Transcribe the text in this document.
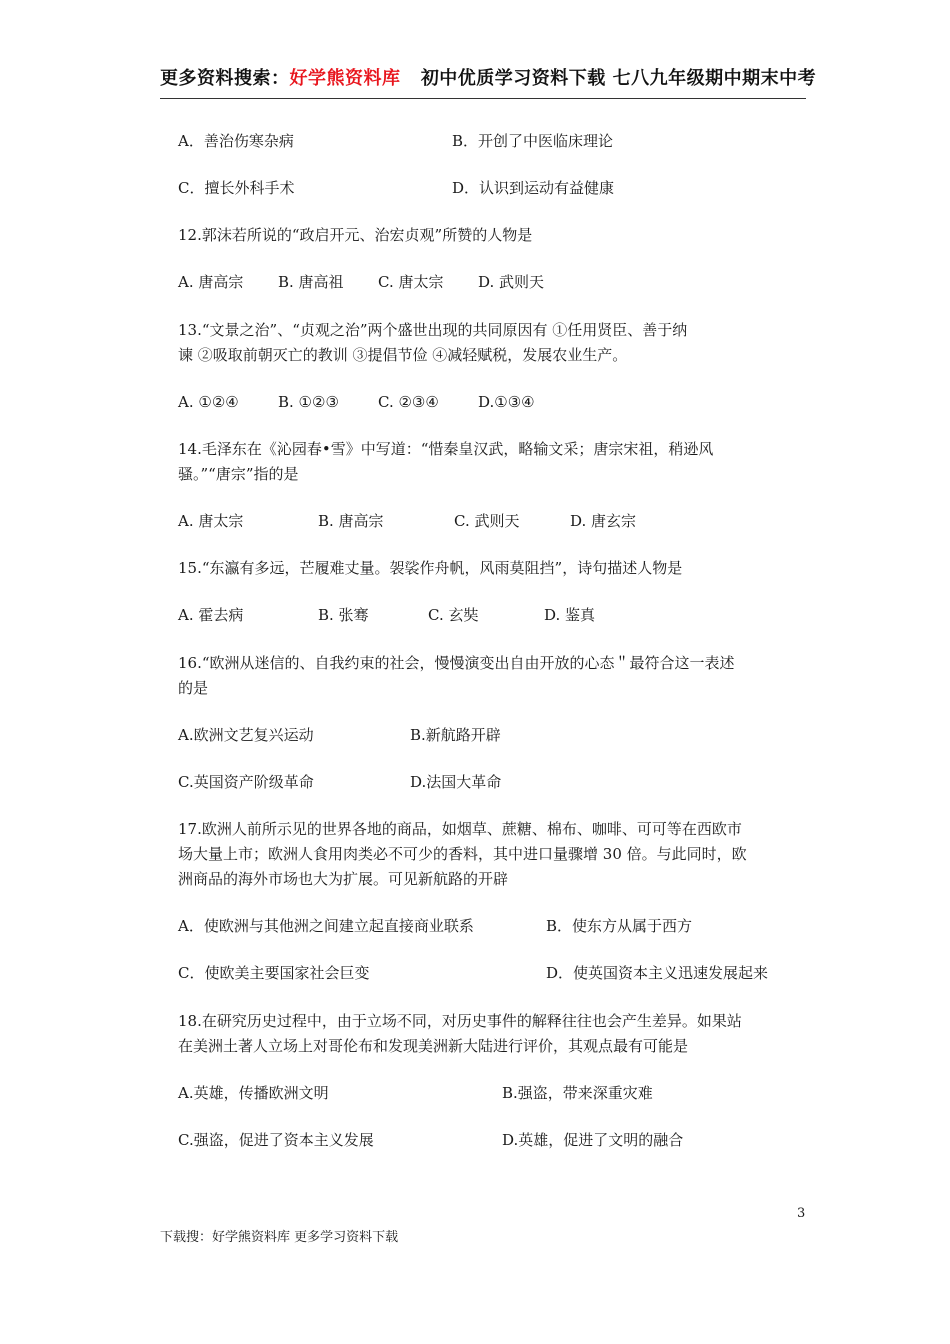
更多资料搜索：好学熊资料库 初中优质学习资料下载 七八九年级期中期末中考
A．善治伤寒杂病	B．开创了中医临床理论
C．擅长外科手术	D．认识到运动有益健康
12.郭沫若所说的“政启开元、治宏贞观”所赞的人物是
A. 唐高宗 B. 唐高祖 C. 唐太宗 D. 武则天
13.“文景之治”、“贞观之治”两个盛世出现的共同原因有 ①任用贤臣、善于纳
谏 ②吸取前朝灭亡的教训 ③提倡节俭 ④减轻赋税，发展农业生产。
A. ①②④	B. ①②③	C. ②③④	D.①③④
14.毛泽东在《沁园春•雪》中写道：“惜秦皇汉武，略输文采；唐宗宋祖，稍逊风
骚。”“唐宗”指的是
A. 唐太宗	B. 唐高宗	C. 武则天	D. 唐玄宗
15.“东瀛有多远，芒履难丈量。袈裟作舟帆，风雨莫阻挡”，诗句描述人物是
A. 霍去病	B. 张骞	C. 玄奘	D. 鉴真
16.“欧洲从迷信的、自我约束的社会，慢慢演变出自由开放的心态＂最符合这一表述
的是
A.欧洲文艺复兴运动	B.新航路开辟
C.英国资产阶级革命	D.法国大革命
17.欧洲人前所示见的世界各地的商品，如烟草、蔗糖、棉布、咖啡、可可等在西欧市
场大量上市；欧洲人食用肉类必不可少的香料，其中进口量骤增 30 倍。与此同时，欧
洲商品的海外市场也大为扩展。可见新航路的开辟
A．使欧洲与其他洲之间建立起直接商业联系	B．使东方从属于西方
C．使欧美主要国家社会巨变	D．使英国资本主义迅速发展起来
18.在研究历史过程中，由于立场不同，对历史事件的解释往往也会产生差异。如果站
在美洲土著人立场上对哥伦布和发现美洲新大陆进行评价，其观点最有可能是
A.英雄，传播欧洲文明	B.强盗，带来深重灾难
C.强盗，促进了资本主义发展	D.英雄，促进了文明的融合
3
下载搜：好学熊资料库 更多学习资料下载
